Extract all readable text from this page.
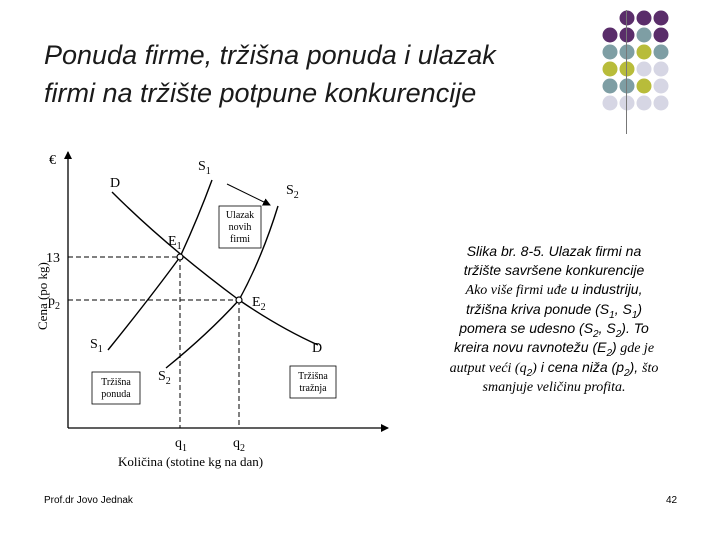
Ponuda firme, tržišna ponuda i ulazak
firmi na tržište potpune konkurencije
€
Cena (po kg)
Količina (stotine kg na dan)
13
$p_2$
$q_1$	$q_2$
D
D
$S_1$
$S_2$
$S_1$
$S_2$
$E_1$
$E_2$
Ulazak
novih
firmi
Tržišna
ponuda
Tržišna
tražnja
Slika br. 8-5. Ulazak firmi na
tržište savršene konkurencije
Ako više firmi uđe u industriju,
tržišna kriva ponude ($S_1$, $S_1$)
pomera se udesno ($S_2$, $S_2$). To
kreira novu ravnotežu $(E_2)$ gde je
autput veći $(q_2)$ i cena niža $(p_2)$, što
smanjuje veličinu profita.
Prof.dr Jovo Jednak	42
